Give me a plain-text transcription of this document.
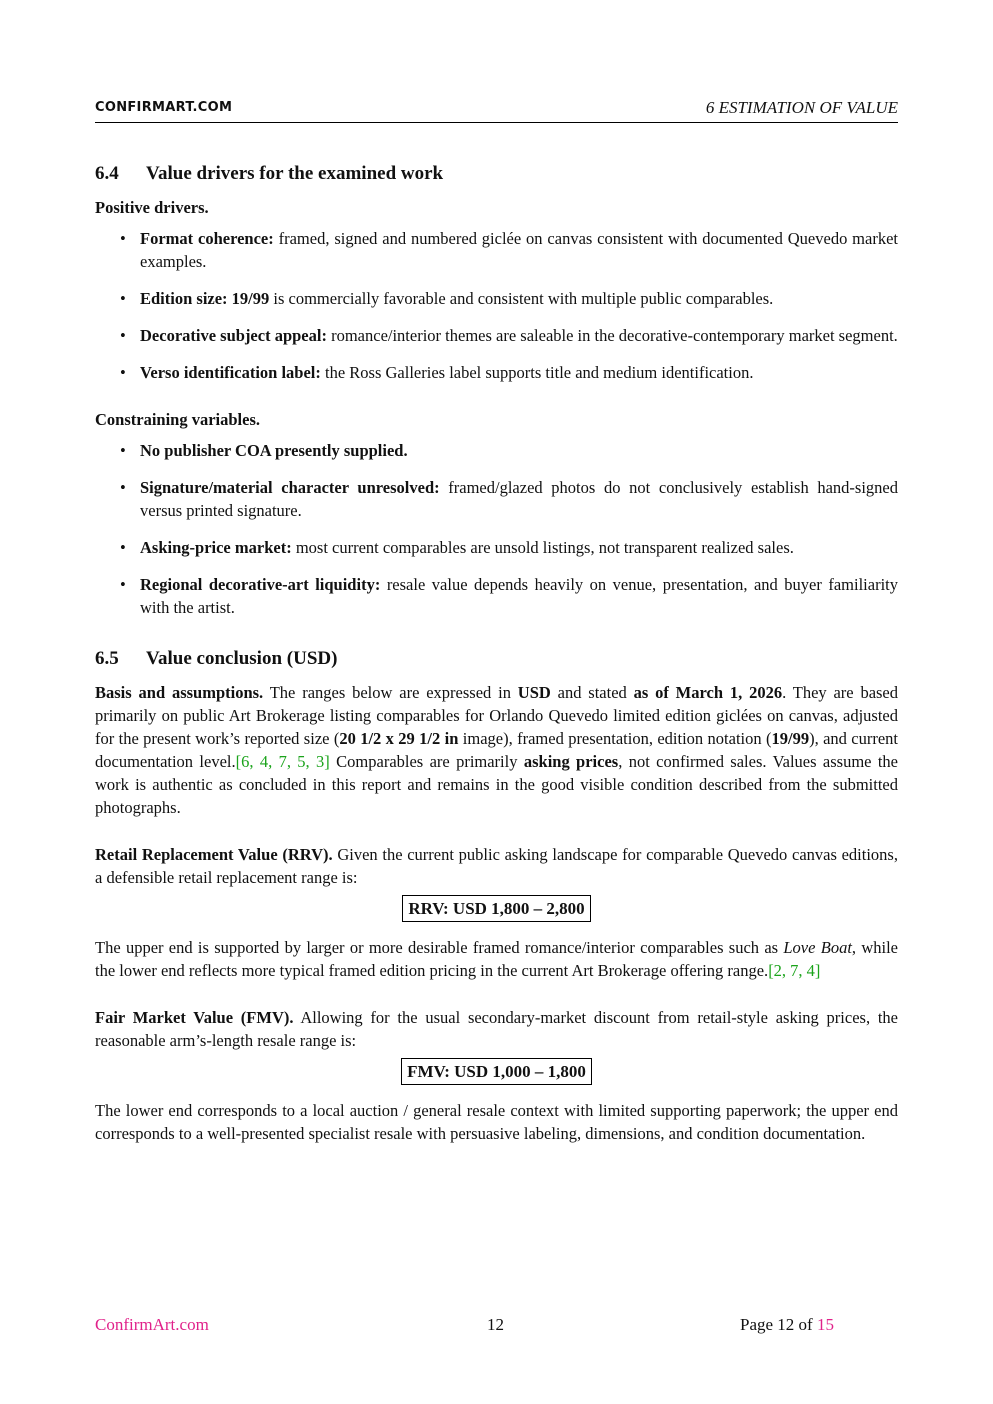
CONFIRMART.COM	6 ESTIMATION OF VALUE
6.4 Value drivers for the examined work
Positive drivers.
• Format coherence: framed, signed and numbered giclée on canvas consistent with documented Quevedo market examples.
• Edition size: 19/99 is commercially favorable and consistent with multiple public comparables.
• Decorative subject appeal: romance/interior themes are saleable in the decorative-contemporary market segment.
• Verso identification label: the Ross Galleries label supports title and medium identification.
Constraining variables.
• No publisher COA presently supplied.
• Signature/material character unresolved: framed/glazed photos do not conclusively establish hand-signed versus printed signature.
• Asking-price market: most current comparables are unsold listings, not transparent realized sales.
• Regional decorative-art liquidity: resale value depends heavily on venue, presentation, and buyer familiarity with the artist.
6.5 Value conclusion (USD)

Basis and assumptions. The ranges below are expressed in USD and stated as of March 1, 2026. They are based primarily on public Art Brokerage listing comparables for Orlando Quevedo limited edition giclées on canvas, adjusted for the present work’s reported size (20 1/2 x 29 1/2 in image), framed presentation, edition notation (19/99), and current documentation level.[6, 4, 7, 5, 3] Comparables are primarily asking prices, not confirmed sales. Values assume the work is authentic as concluded in this report and remains in the good visible condition described from the submitted photographs.

Retail Replacement Value (RRV). Given the current public asking landscape for comparable Quevedo canvas editions, a defensible retail replacement range is:

RRV: USD 1,800 – 2,800

The upper end is supported by larger or more desirable framed romance/interior comparables such as Love Boat, while the lower end reflects more typical framed edition pricing in the current Art Brokerage offering range.[2, 7, 4]

Fair Market Value (FMV). Allowing for the usual secondary-market discount from retail-style asking prices, the reasonable arm’s-length resale range is:

FMV: USD 1,000 – 1,800

The lower end corresponds to a local auction / general resale context with limited supporting paperwork; the upper end corresponds to a well-presented specialist resale with persuasive labeling, dimensions, and condition documentation.

ConfirmArt.com	12	Page 12 of 15
